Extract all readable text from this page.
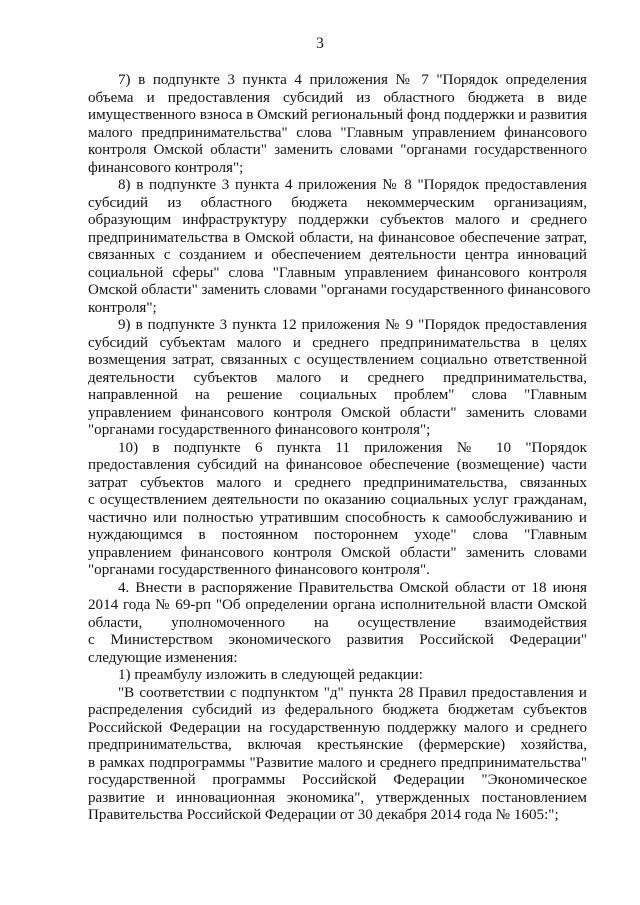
3
7) в подпункте 3 пункта 4 приложения № 7 "Порядок определения
объема и предоставления субсидий из областного бюджета в виде
имущественного взноса в Омский региональный фонд поддержки и развития
малого предпринимательства" слова "Главным управлением финансового
контроля Омской области" заменить словами "органами государственного
финансового контроля";
8) в подпункте 3 пункта 4 приложения № 8 "Порядок предоставления
субсидий из областного бюджета некоммерческим организациям,
образующим инфраструктуру поддержки субъектов малого и среднего
предпринимательства в Омской области, на финансовое обеспечение затрат,
связанных с созданием и обеспечением деятельности центра инноваций
социальной сферы" слова "Главным управлением финансового контроля
Омской области" заменить словами "органами государственного финансового
контроля";
9) в подпункте 3 пункта 12 приложения № 9 "Порядок предоставления
субсидий субъектам малого и среднего предпринимательства в целях
возмещения затрат, связанных с осуществлением социально ответственной
деятельности субъектов малого и среднего предпринимательства,
направленной на решение социальных проблем" слова "Главным
управлением финансового контроля Омской области" заменить словами
"органами государственного финансового контроля";
10) в подпункте 6 пункта 11 приложения № 10 "Порядок
предоставления субсидий на финансовое обеспечение (возмещение) части
затрат субъектов малого и среднего предпринимательства, связанных
с осуществлением деятельности по оказанию социальных услуг гражданам,
частично или полностью утратившим способность к самообслуживанию и
нуждающимся в постоянном постороннем уходе" слова "Главным
управлением финансового контроля Омской области" заменить словами
"органами государственного финансового контроля".
4. Внести в распоряжение Правительства Омской области от 18 июня
2014 года № 69-рп "Об определении органа исполнительной власти Омской
области, уполномоченного на осуществление взаимодействия
с Министерством экономического развития Российской Федерации"
следующие изменения:
1) преамбулу изложить в следующей редакции:
"В соответствии с подпунктом "д" пункта 28 Правил предоставления и
распределения субсидий из федерального бюджета бюджетам субъектов
Российской Федерации на государственную поддержку малого и среднего
предпринимательства, включая крестьянские (фермерские) хозяйства,
в рамках подпрограммы "Развитие малого и среднего предпринимательства"
государственной программы Российской Федерации "Экономическое
развитие и инновационная экономика", утвержденных постановлением
Правительства Российской Федерации от 30 декабря 2014 года № 1605:";
